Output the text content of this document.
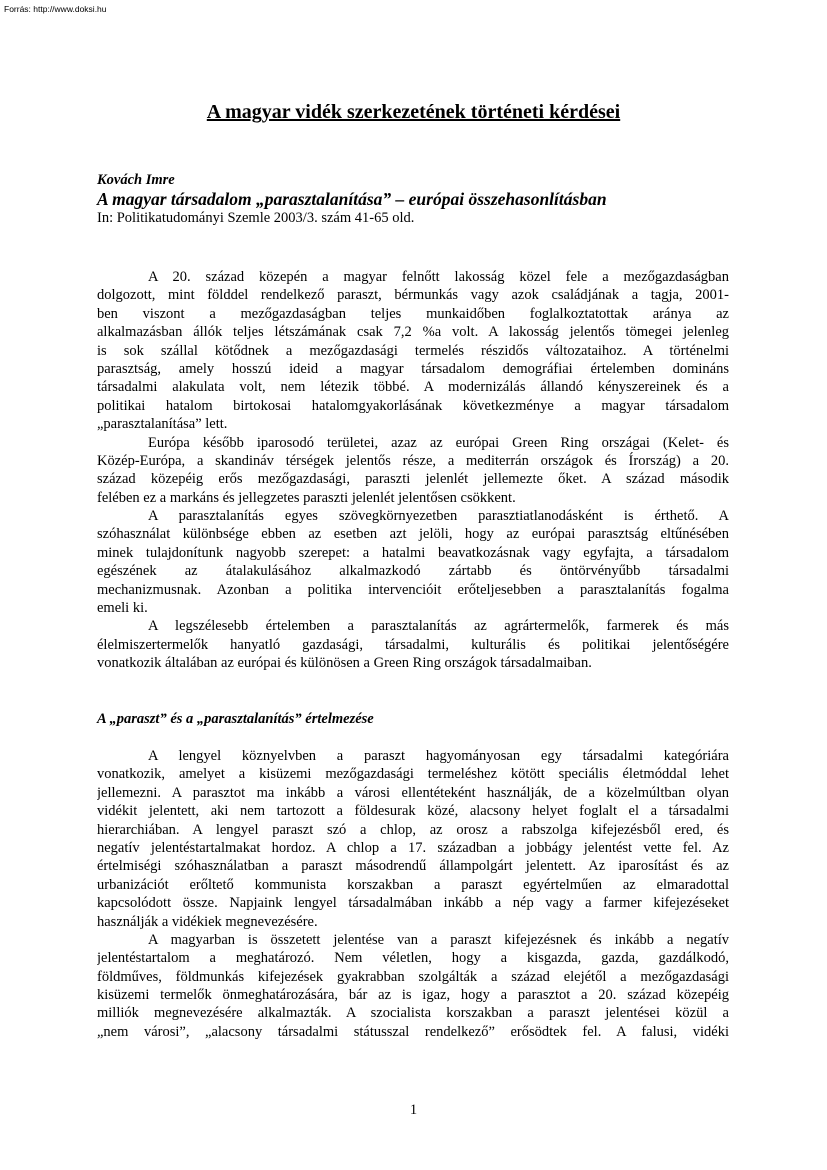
Forrás: http://www.doksi.hu

A magyar vidék szerkezetének történeti kérdései

Kovách Imre

A magyar társadalom „parasztalanítása” – európai összehasonlításban

In: Politikatudományi Szemle 2003/3. szám 41-65 old.

A 20. század közepén a magyar felnőtt lakosság közel fele a mezőgazdaságban
dolgozott, mint földdel rendelkező paraszt, bérmunkás vagy azok családjának a tagja, 2001-
ben viszont a mezőgazdaságban teljes munkaidőben foglalkoztatottak aránya az
alkalmazásban állók teljes létszámának csak 7,2 %a volt. A lakosság jelentős tömegei jelenleg
is sok szállal kötődnek a mezőgazdasági termelés részidős változataihoz. A történelmi
parasztság, amely hosszú ideid a magyar társadalom demográfiai értelemben domináns
társadalmi alakulata volt, nem létezik többé. A modernizálás állandó kényszereinek és a
politikai hatalom birtokosai hatalomgyakorlásának következménye a magyar társadalom
„parasztalanítása” lett.
Európa később iparosodó területei, azaz az európai Green Ring országai (Kelet- és
Közép-Európa, a skandináv térségek jelentős része, a mediterrán országok és Írország) a 20.
század közepéig erős mezőgazdasági, paraszti jelenlét jellemezte őket. A század második
felében ez a markáns és jellegzetes paraszti jelenlét jelentősen csökkent.
A parasztalanítás egyes szövegkörnyezetben parasztiatlanodásként is érthető. A
szóhasználat különbsége ebben az esetben azt jelöli, hogy az európai parasztság eltűnésében
minek tulajdonítunk nagyobb szerepet: a hatalmi beavatkozásnak vagy egyfajta, a társadalom
egészének az átalakulásához alkalmazkodó zártabb és öntörvényűbb társadalmi
mechanizmusnak. Azonban a politika intervencióit erőteljesebben a parasztalanítás fogalma
emeli ki.
A legszélesebb értelemben a parasztalanítás az agrártermelők, farmerek és más
élelmiszertermelők hanyatló gazdasági, társadalmi, kulturális és politikai jelentőségére
vonatkozik általában az európai és különösen a Green Ring országok társadalmaiban.
A „paraszt” és a „parasztalanítás” értelmezése
A lengyel köznyelvben a paraszt hagyományosan egy társadalmi kategóriára
vonatkozik, amelyet a kisüzemi mezőgazdasági termeléshez kötött speciális életmóddal lehet
jellemezni. A parasztot ma inkább a városi ellentéteként használják, de a közelmúltban olyan
vidékit jelentett, aki nem tartozott a földesurak közé, alacsony helyet foglalt el a társadalmi
hierarchiában. A lengyel paraszt szó a chlop, az orosz a rabszolga kifejezésből ered, és
negatív jelentéstartalmakat hordoz. A chlop a 17. században a jobbágy jelentést vette fel. Az
értelmiségi szóhasználatban a paraszt másodrendű állampolgárt jelentett. Az iparosítást és az
urbanizációt erőltető kommunista korszakban a paraszt egyértelműen az elmaradottal
kapcsolódott össze. Napjaink lengyel társadalmában inkább a nép vagy a farmer kifejezéseket
használják a vidékiek megnevezésére.
A magyarban is összetett jelentése van a paraszt kifejezésnek és inkább a negatív
jelentéstartalom a meghatározó. Nem véletlen, hogy a kisgazda, gazda, gazdálkodó,
földműves, földmunkás kifejezések gyakrabban szolgálták a század elejétől a mezőgazdasági
kisüzemi termelők önmeghatározására, bár az is igaz, hogy a parasztot a 20. század közepéig
milliók megnevezésére alkalmazták. A szocialista korszakban a paraszt jelentései közül a
„nem városi”, „alacsony társadalmi státusszal rendelkező” erősödtek fel. A falusi, vidéki

1
